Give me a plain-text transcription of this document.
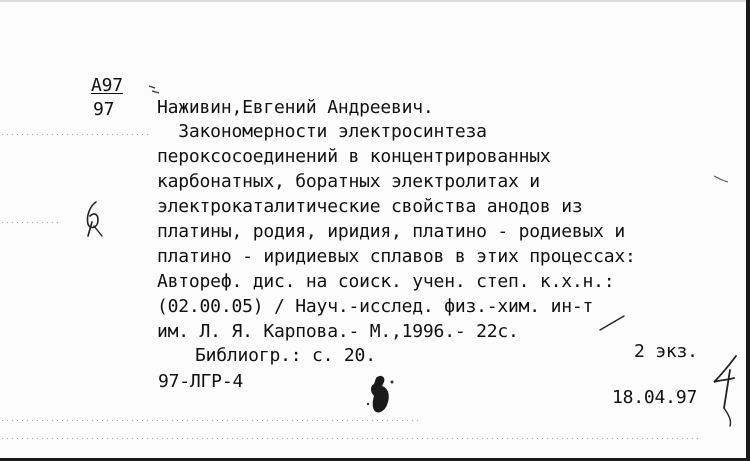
А97
97 Наживин,Евгений Андреевич.
Закономерности электросинтеза
пероксосоединений в концентрированных
карбонатных, боратных электролитах и
электрокаталитические свойства анодов из
платины, родия, иридия, платино - родиевых и
платино - иридиевых сплавов в этих процессах:
Автореф. дис. на соиск. учен. степ. к.х.н.:
(02.00.05) / Науч.-исслед. физ.-хим. ин-т
им. Л. Я. Карпова.- М.,1996.- 22с.
Библиогр.: с. 20.	2 экз.
97-ЛГР-4
18.04.97
